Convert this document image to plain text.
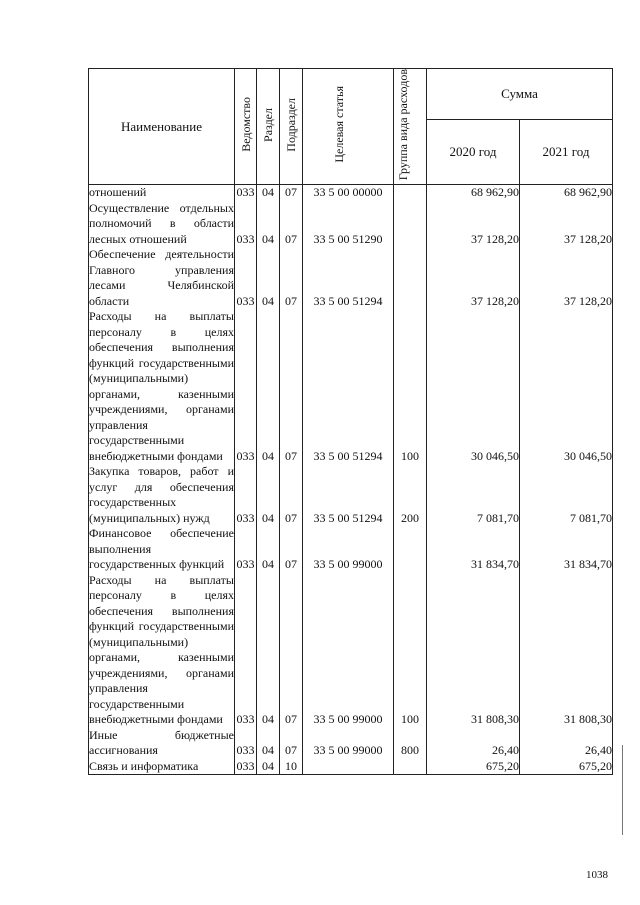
Наименование	Ведомство	Раздел	Подраздел	Целевая статья	Группа вида расходов	Сумма	
						2020 год	2021 год
отношений	033	04	07	33 5 00 00000		68 962,90	68 962,90
Осуществление отдельных полномочий в области лесных отношений	033	04	07	33 5 00 51290		37 128,20	37 128,20
Обеспечение деятельности Главного управления лесами Челябинской области	033	04	07	33 5 00 51294		37 128,20	37 128,20
Расходы на выплаты персоналу в целях обеспечения выполнения функций государственными (муниципальными) органами, казенными учреждениями, органами управления государственными внебюджетными фондами	033	04	07	33 5 00 51294	100	30 046,50	30 046,50
Закупка товаров, работ и услуг для обеспечения государственных (муниципальных) нужд	033	04	07	33 5 00 51294	200	7 081,70	7 081,70
Финансовое обеспечение выполнения государственных функций	033	04	07	33 5 00 99000		31 834,70	31 834,70
Расходы на выплаты персоналу в целях обеспечения выполнения функций государственными (муниципальными) органами, казенными учреждениями, органами управления государственными внебюджетными фондами	033	04	07	33 5 00 99000	100	31 808,30	31 808,30
Иные бюджетные ассигнования	033	04	07	33 5 00 99000	800	26,40	26,40
Связь и информатика	033	04	10			675,20	675,20
1038
